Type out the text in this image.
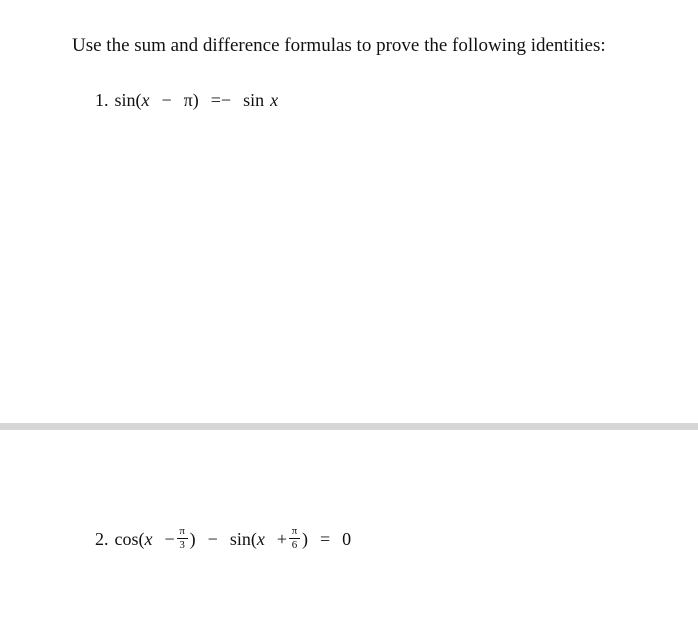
Use the sum and difference formulas to prove the following identities:
1. sin( x − π ) =− sin x
2. cos( $x - \frac{\pi}{3}$ ) − sin( $x + \frac{\pi}{6}$ ) = 0
